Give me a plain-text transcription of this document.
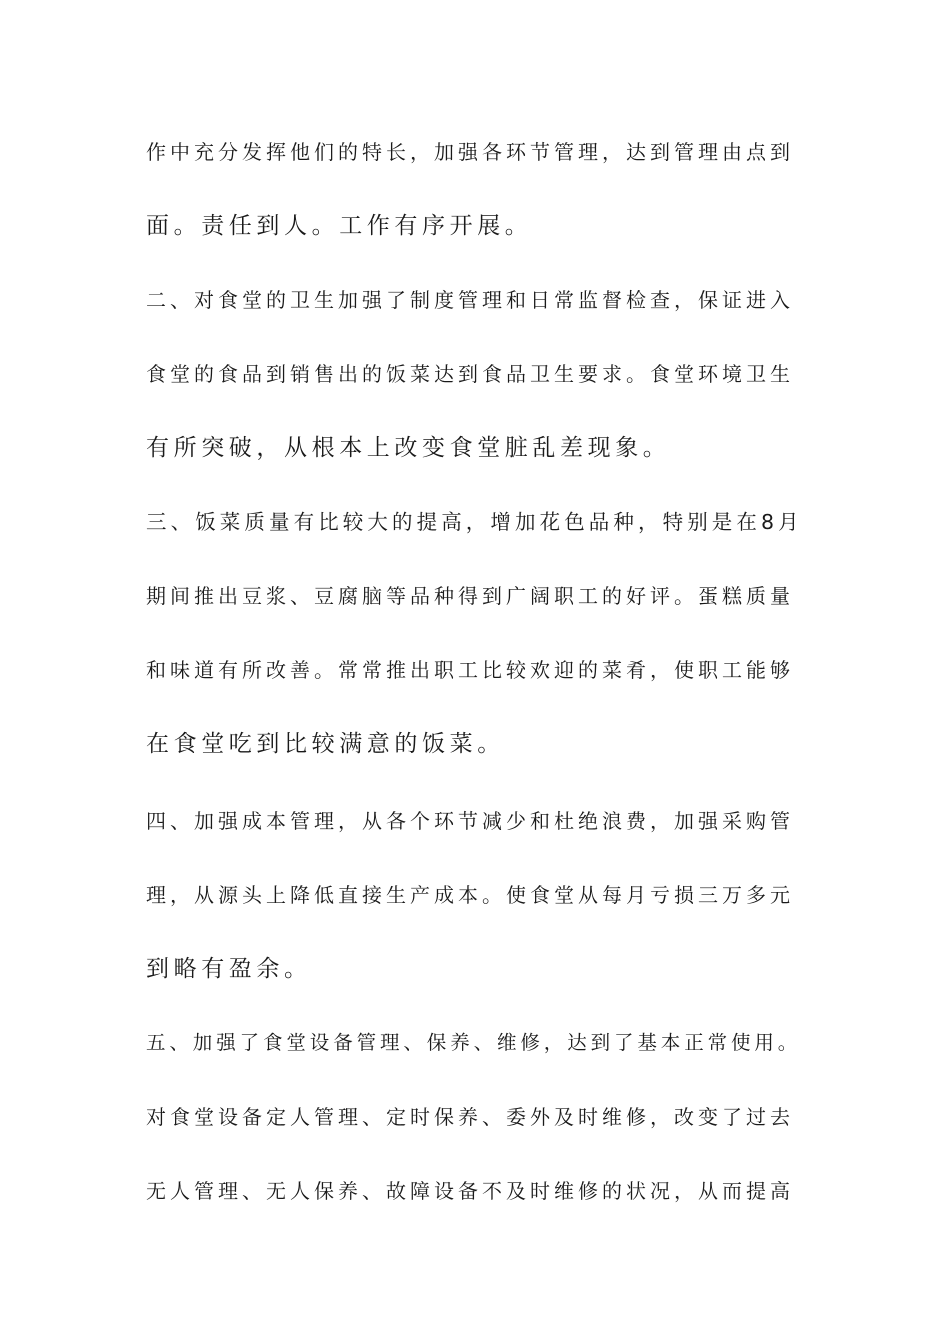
作中充分发挥他们的特长，加强各环节管理，达到管理由点到
面。责任到人。工作有序开展。
二、对食堂的卫生加强了制度管理和日常监督检查，保证进入
食堂的食品到销售出的饭菜达到食品卫生要求。食堂环境卫生
有所突破，从根本上改变食堂脏乱差现象。
三、饭菜质量有比较大的提高，增加花色品种，特别是在8月
期间推出豆浆、豆腐脑等品种得到广阔职工的好评。蛋糕质量
和味道有所改善。常常推出职工比较欢迎的菜肴，使职工能够
在食堂吃到比较满意的饭菜。
四、加强成本管理，从各个环节减少和杜绝浪费，加强采购管
理，从源头上降低直接生产成本。使食堂从每月亏损三万多元
到略有盈余。
五、加强了食堂设备管理、保养、维修，达到了基本正常使用。
对食堂设备定人管理、定时保养、委外及时维修，改变了过去
无人管理、无人保养、故障设备不及时维修的状况，从而提高
